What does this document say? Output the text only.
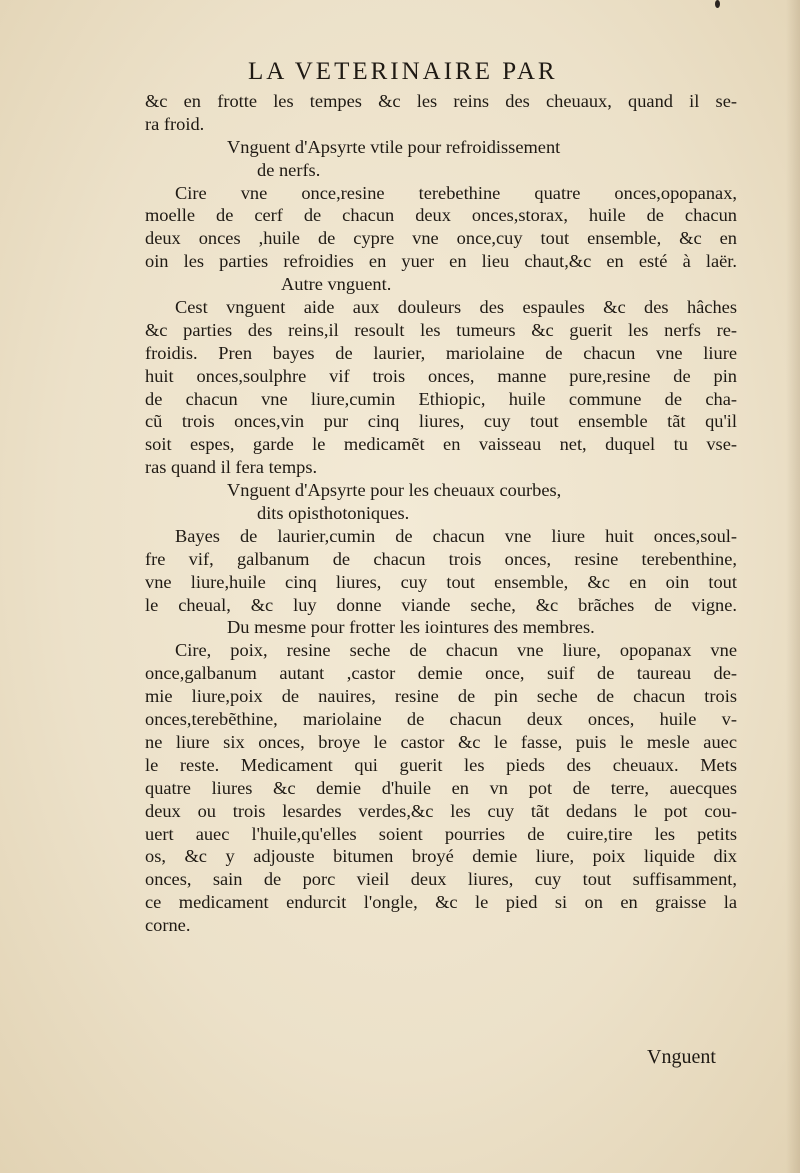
LA VETERINAIRE PAR
&c en frotte les tempes &c les reins des cheuaux, quand il se-
ra froid.
Vnguent d'Apsyrte vtile pour refroidissement
de nerfs.
Cire vne once,resine terebethine quatre onces,opopanax,
moelle de cerf de chacun deux onces,storax, huile de chacun
deux onces ,huile de cypre vne once,cuy tout ensemble, &c en
oin les parties refroidies en yuer en lieu chaut,&c en esté à laër.
Autre vnguent.
Cest vnguent aide aux douleurs des espaules &c des hâches
&c parties des reins,il resoult les tumeurs &c guerit les nerfs re-
froidis. Pren bayes de laurier, mariolaine de chacun vne liure
huit onces,soulphre vif trois onces, manne pure,resine de pin
de chacun vne liure,cumin Ethiopic, huile commune de cha-
cũ trois onces,vin pur cinq liures, cuy tout ensemble tãt qu'il
soit espes, garde le medicamẽt en vaisseau net, duquel tu vse-
ras quand il fera temps.
Vnguent d'Apsyrte pour les cheuaux courbes,
dits opisthotoniques.
Bayes de laurier,cumin de chacun vne liure huit onces,soul-
fre vif, galbanum de chacun trois onces, resine terebenthine,
vne liure,huile cinq liures, cuy tout ensemble, &c en oin tout
le cheual, &c luy donne viande seche, &c brãches de vigne.
Du mesme pour frotter les iointures des membres.
Cire, poix, resine seche de chacun vne liure, opopanax vne
once,galbanum autant ,castor demie once, suif de taureau de-
mie liure,poix de nauires, resine de pin seche de chacun trois
onces,terebẽthine, mariolaine de chacun deux onces, huile v-
ne liure six onces, broye le castor &c le fasse, puis le mesle auec
le reste. Medicament qui guerit les pieds des cheuaux. Mets
quatre liures &c demie d'huile en vn pot de terre, auecques
deux ou trois lesardes verdes,&c les cuy tãt dedans le pot cou-
uert auec l'huile,qu'elles soient pourries de cuire,tire les petits
os, &c y adjouste bitumen broyé demie liure, poix liquide dix
onces, sain de porc vieil deux liures, cuy tout suffisamment,
ce medicament endurcit l'ongle, &c le pied si on en graisse la
corne.
Vnguent
